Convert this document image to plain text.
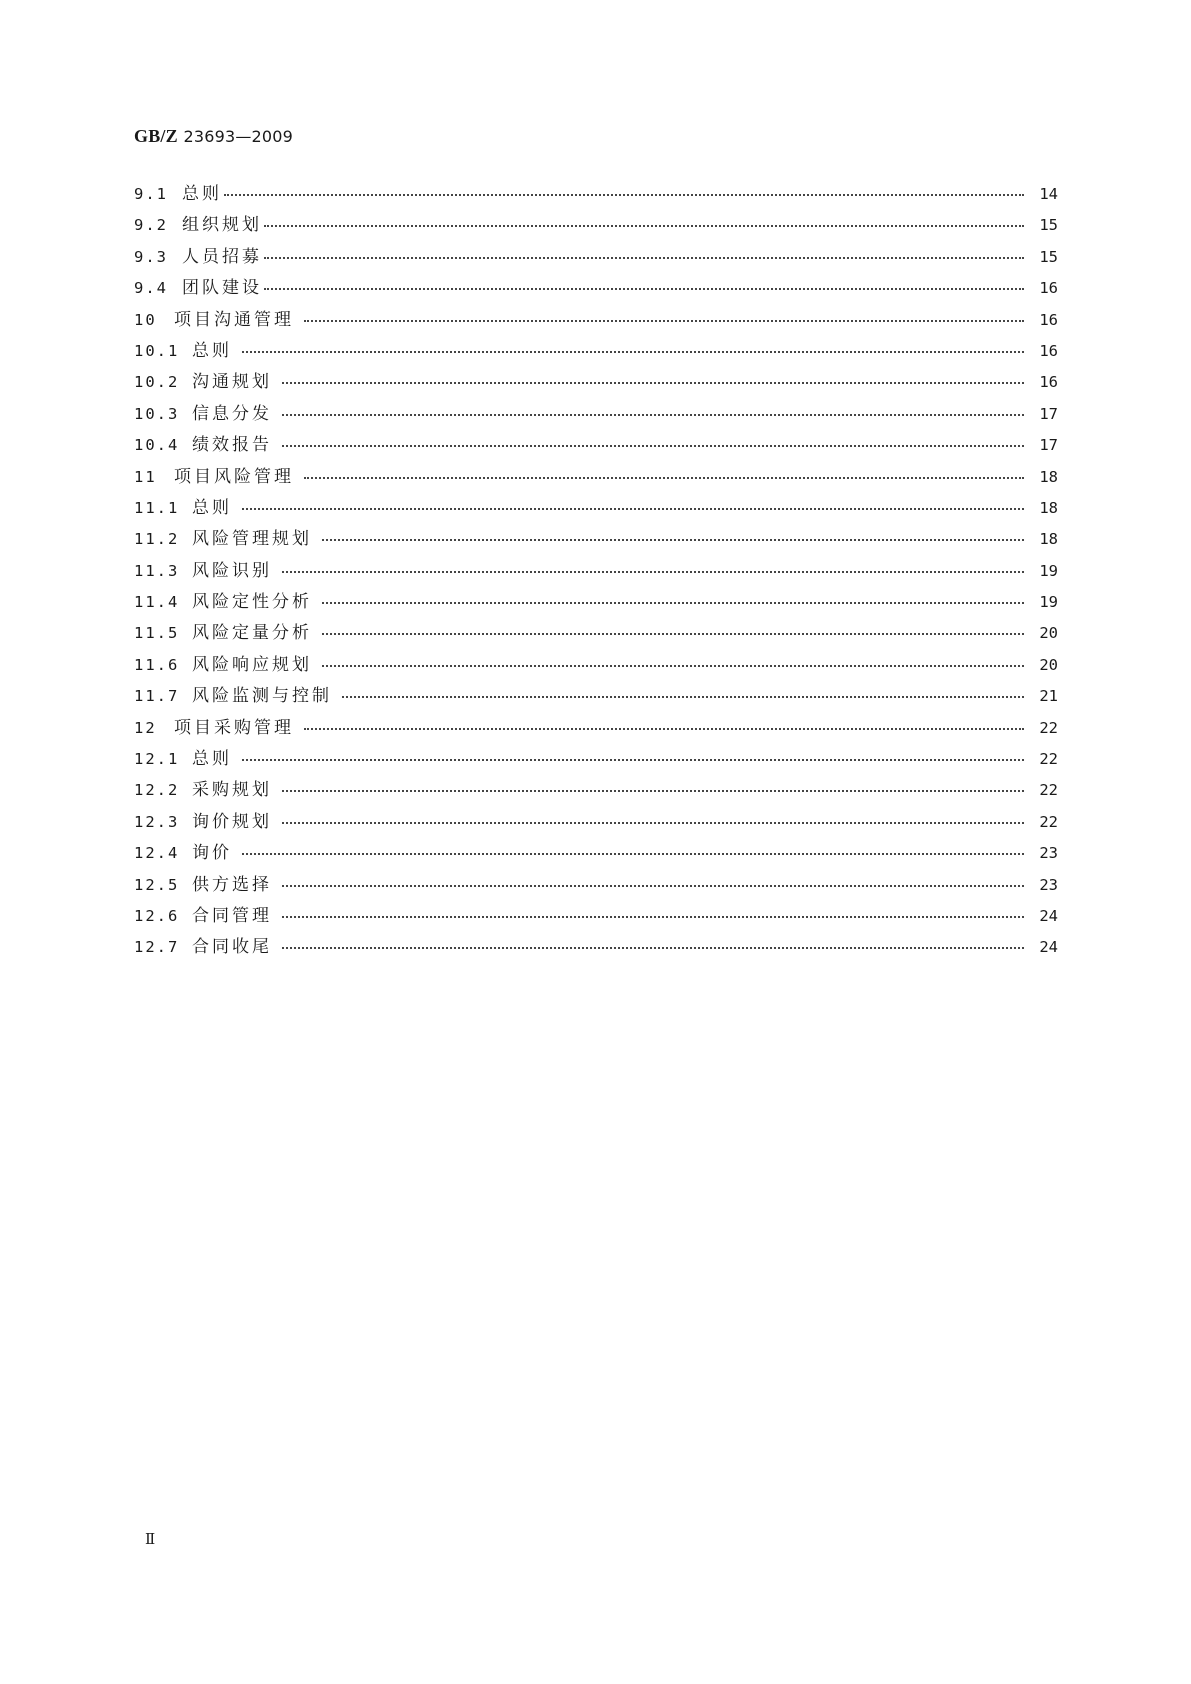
GB/Z 23693—2009
9.1 总则	14
9.2 组织规划	15
9.3 人员招募	15
9.4 团队建设	16
10	项目沟通管理	16
10.1 总则	16
10.2 沟通规划	16
10.3 信息分发	17
10.4 绩效报告	17
11	项目风险管理	18
11.1 总则	18
11.2 风险管理规划	18
11.3 风险识别	19
11.4 风险定性分析	19
11.5 风险定量分析	20
11.6 风险响应规划	20
11.7 风险监测与控制	21
12	项目采购管理	22
12.1 总则	22
12.2 采购规划	22
12.3 询价规划	22
12.4 询价	23
12.5 供方选择	23
12.6 合同管理	24
12.7 合同收尾	24
Ⅱ
